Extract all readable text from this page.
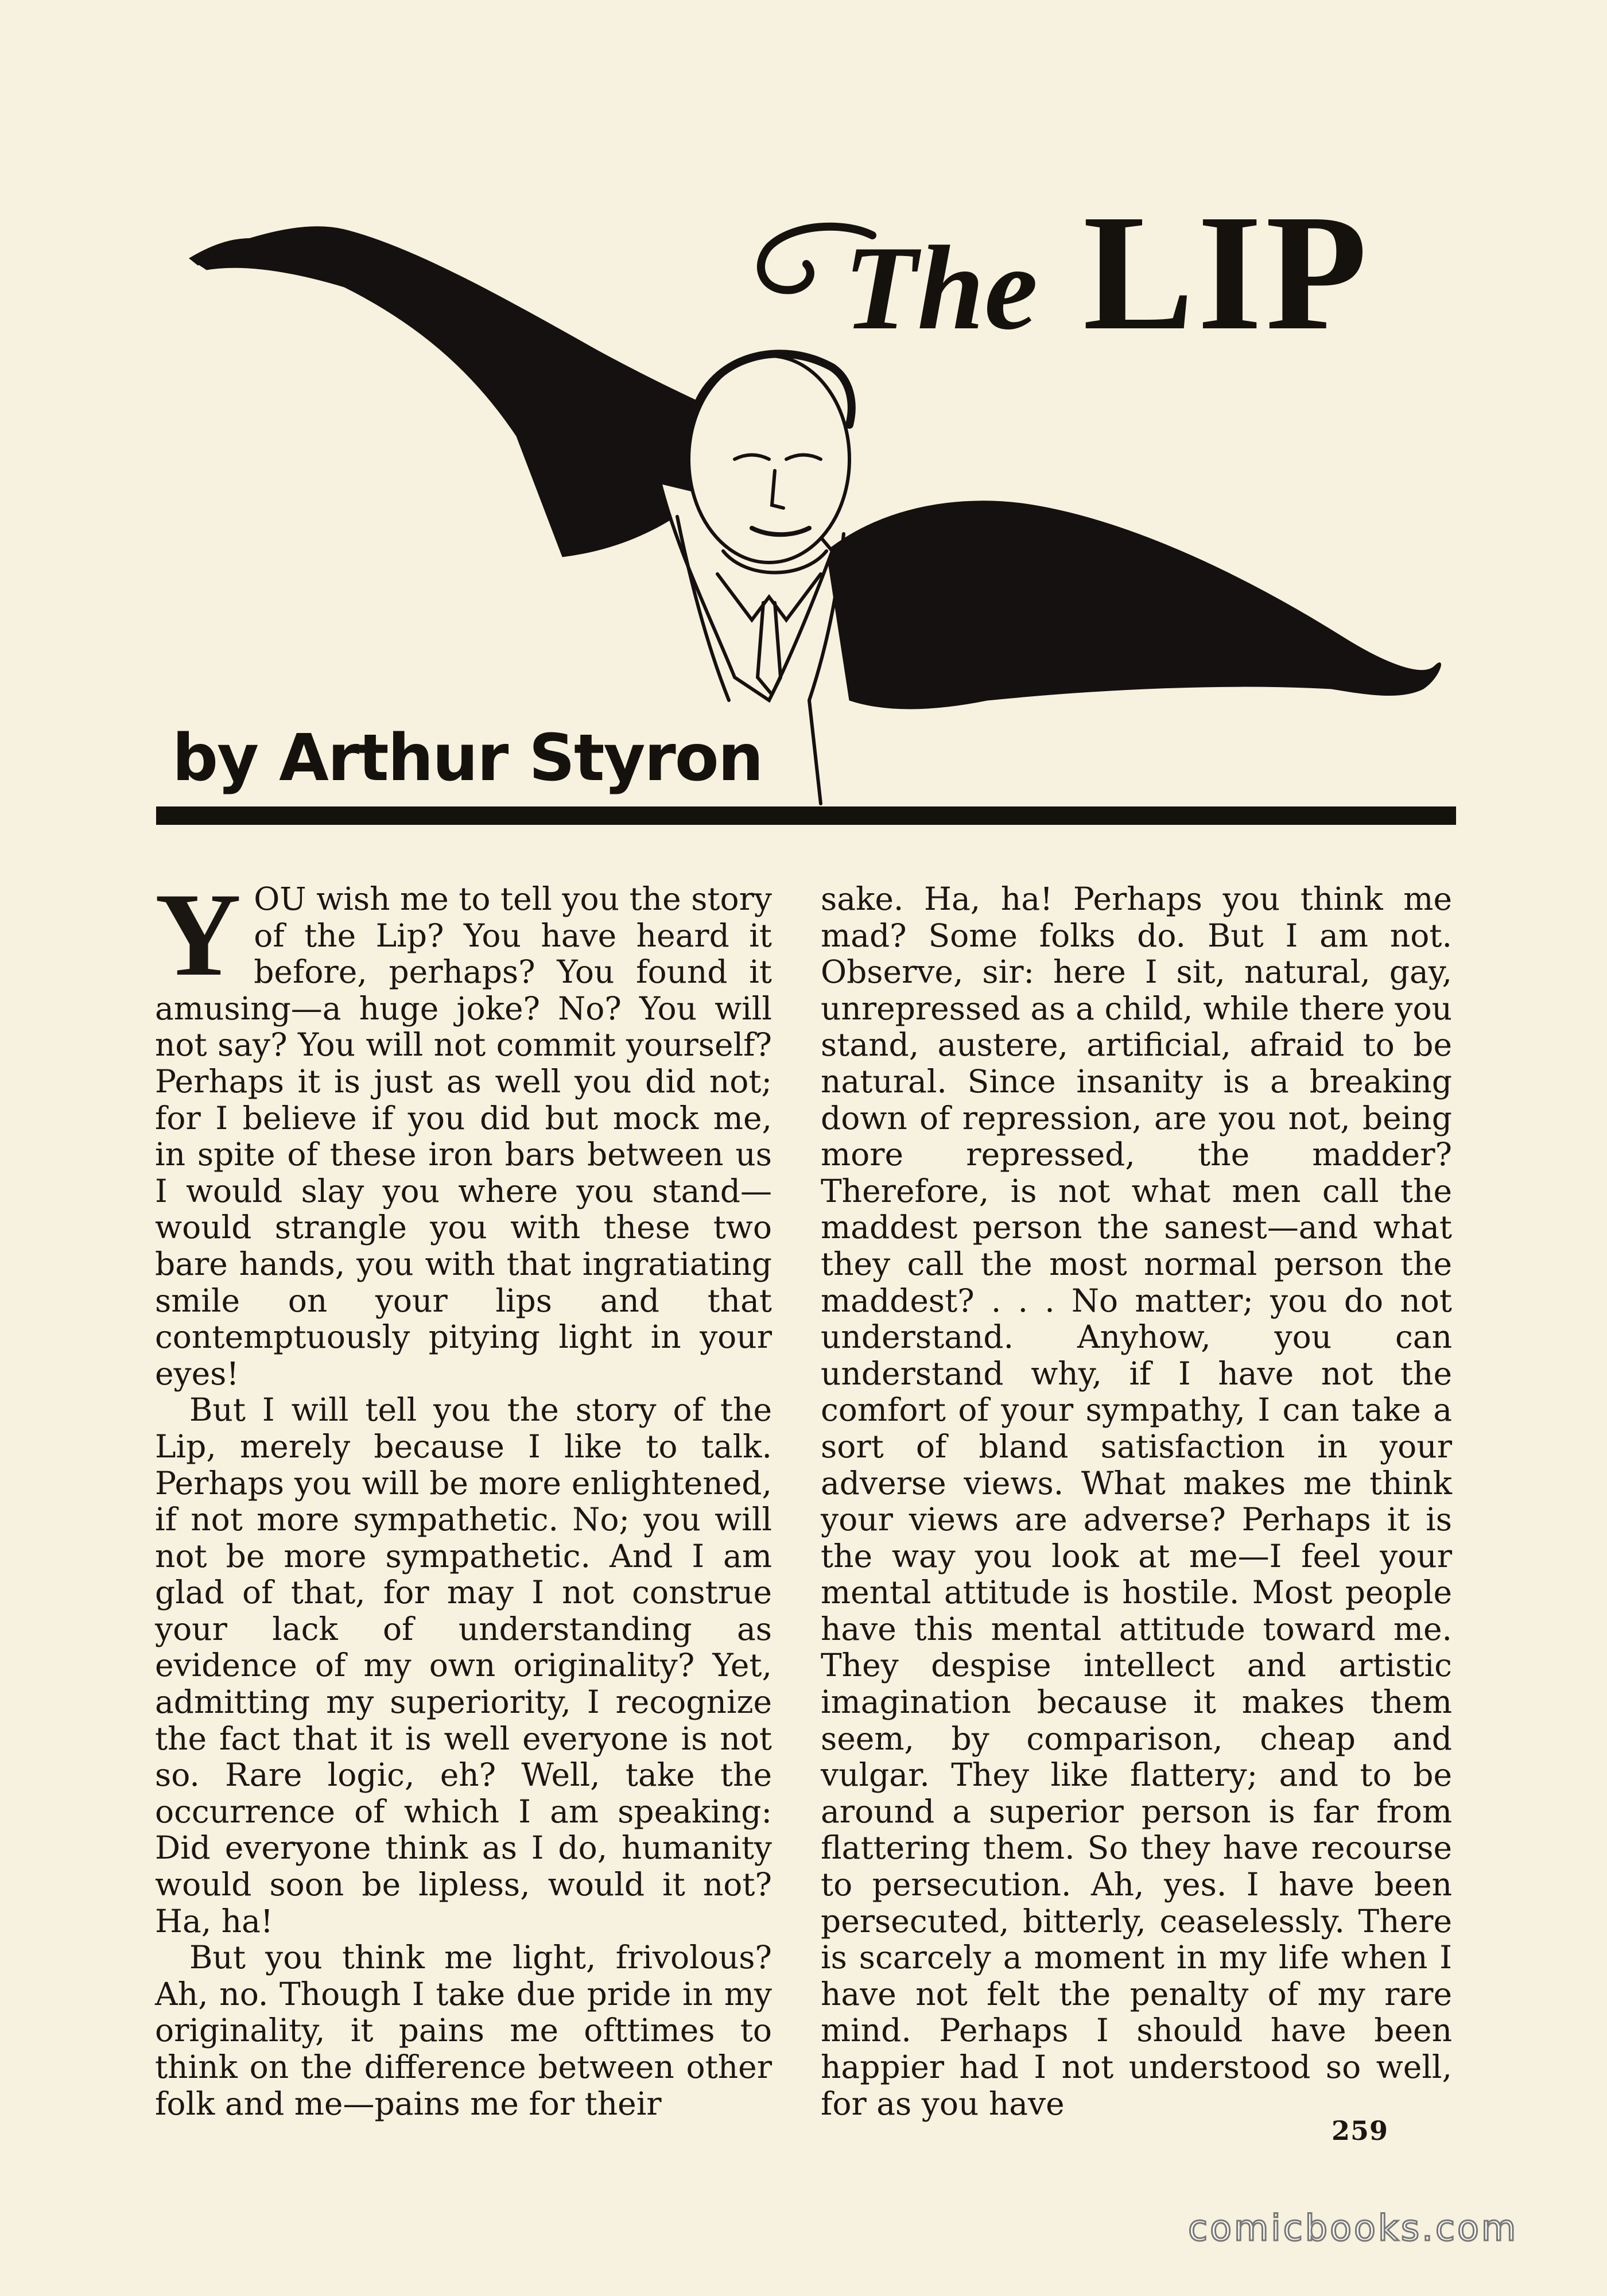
The LIP
by Arthur Styron

YOU wish me to tell you the story of the Lip? You have heard it before, perhaps? You found it amusing—a huge joke? No? You will not say? You will not commit yourself? Perhaps it is just as well you did not; for I believe if you did but mock me, in spite of these iron bars between us I would slay you where you stand—would strangle you with these two bare hands, you with that ingratiating smile on your lips and that contemptuously pitying light in your eyes!

But I will tell you the story of the Lip, merely because I like to talk. Perhaps you will be more enlightened, if not more sympathetic. No; you will not be more sympathetic. And I am glad of that, for may I not construe your lack of understanding as evidence of my own originality? Yet, admitting my superiority, I recognize the fact that it is well everyone is not so. Rare logic, eh? Well, take the occurrence of which I am speaking: Did everyone think as I do, humanity would soon be lipless, would it not? Ha, ha!

But you think me light, frivolous? Ah, no. Though I take due pride in my originality, it pains me ofttimes to think on the difference between other folk and me—pains me for their

sake. Ha, ha! Perhaps you think me mad? Some folks do. But I am not. Observe, sir: here I sit, natural, gay, unrepressed as a child, while there you stand, austere, artificial, afraid to be natural. Since insanity is a breaking down of repression, are you not, being more repressed, the madder? Therefore, is not what men call the maddest person the sanest—and what they call the most normal person the maddest? . . . No matter; you do not understand. Anyhow, you can understand why, if I have not the comfort of your sympathy, I can take a sort of bland satisfaction in your adverse views. What makes me think your views are adverse? Perhaps it is the way you look at me—I feel your mental attitude is hostile. Most people have this mental attitude toward me. They despise intellect and artistic imagination because it makes them seem, by comparison, cheap and vulgar. They like flattery; and to be around a superior person is far from flattering them. So they have recourse to persecution. Ah, yes. I have been persecuted, bitterly, ceaselessly. There is scarcely a moment in my life when I have not felt the penalty of my rare mind. Perhaps I should have been happier had I not understood so well, for as you have

259
comicbooks.com
